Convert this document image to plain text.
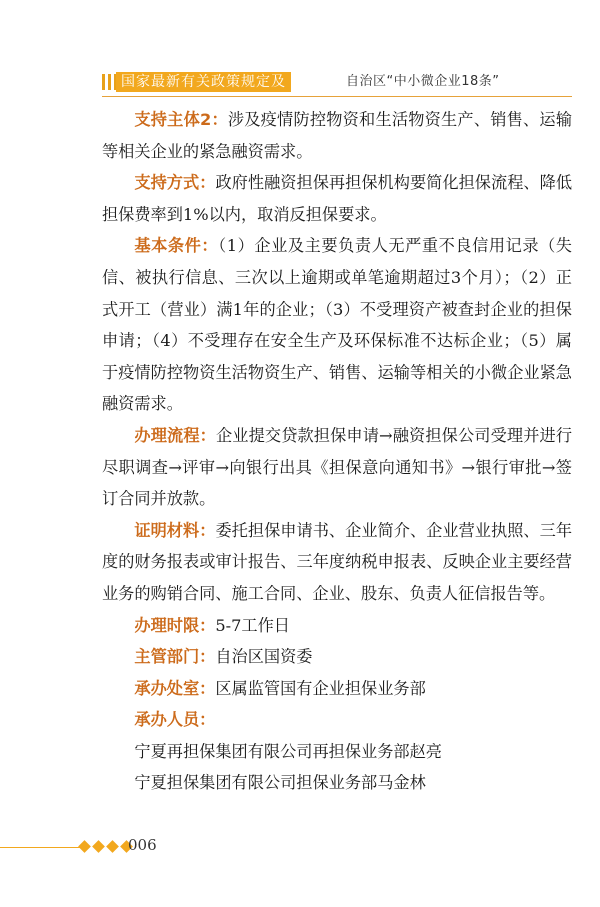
国家最新有关政策规定及	自治区“中小微企业18条”

支持主体2：涉及疫情防控物资和生活物资生产、销售、运输等相关企业的紧急融资需求。

支持方式：政府性融资担保再担保机构要简化担保流程、降低担保费率到1%以内，取消反担保要求。

基本条件：（1）企业及主要负责人无严重不良信用记录（失信、被执行信息、三次以上逾期或单笔逾期超过3个月）；（2）正式开工（营业）满1年的企业；（3）不受理资产被查封企业的担保申请；（4）不受理存在安全生产及环保标准不达标企业；（5）属于疫情防控物资生活物资生产、销售、运输等相关的小微企业紧急融资需求。

办理流程：企业提交贷款担保申请→融资担保公司受理并进行尽职调查→评审→向银行出具《担保意向通知书》→银行审批→签订合同并放款。

证明材料：委托担保申请书、企业简介、企业营业执照、三年度的财务报表或审计报告、三年度纳税申报表、反映企业主要经营业务的购销合同、施工合同、企业、股东、负责人征信报告等。

办理时限：5-7工作日

主管部门：自治区国资委

承办处室：区属监管国有企业担保业务部

承办人员：

宁夏再担保集团有限公司再担保业务部赵亮

宁夏担保集团有限公司担保业务部马金林

006
